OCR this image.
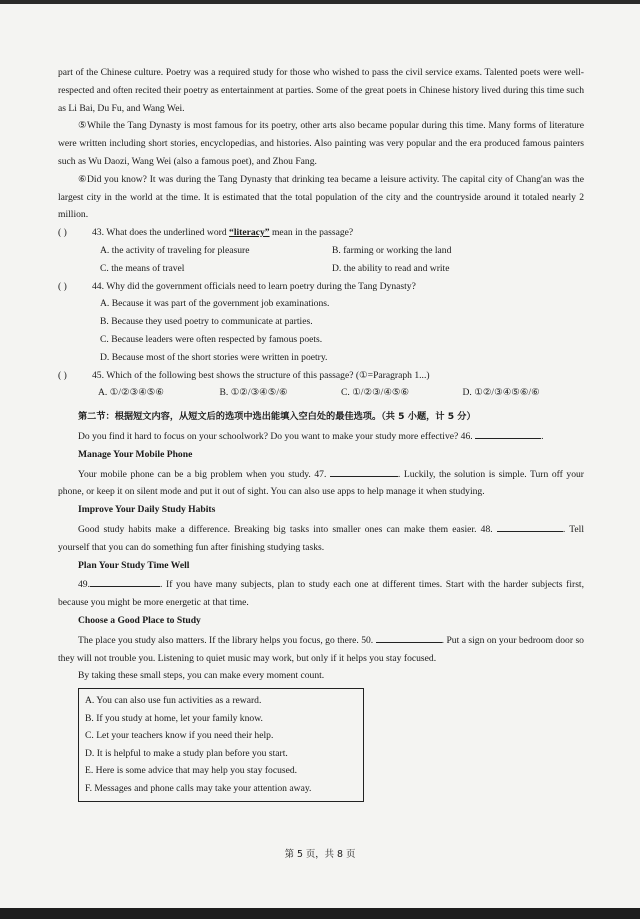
part of the Chinese culture. Poetry was a required study for those who wished to pass the civil service exams. Talented poets were well-respected and often recited their poetry as entertainment at parties. Some of the great poets in Chinese history lived during this time such as Li Bai, Du Fu, and Wang Wei.

⑤While the Tang Dynasty is most famous for its poetry, other arts also became popular during this time. Many forms of literature were written including short stories, encyclopedias, and histories. Also painting was very popular and the era produced famous painters such as Wu Daozi, Wang Wei (also a famous poet), and Zhou Fang.

⑥Did you know? It was during the Tang Dynasty that drinking tea became a leisure activity. The capital city of Chang'an was the largest city in the world at the time. It is estimated that the total population of the city and the countryside around it totaled nearly 2 million.

( )	43. What does the underlined word “literacy” mean in the passage?
A. the activity of traveling for pleasure	B. farming or working the land
C. the means of travel	D. the ability to read and write
( )	44. Why did the government officials need to learn poetry during the Tang Dynasty?
A. Because it was part of the government job examinations.
B. Because they used poetry to communicate at parties.
C. Because leaders were often respected by famous poets.
D. Because most of the short stories were written in poetry.
( )	45. Which of the following best shows the structure of this passage? (①=Paragraph 1...)
A. ①/②③④⑤⑥	B. ①②/③④⑤/⑥	C. ①/②③/④⑤⑥	D. ①②/③④⑤⑥/⑥
第二节：根据短文内容，从短文后的选项中选出能填入空白处的最佳选项。（共 5 小题，计 5 分）

Do you find it hard to focus on your schoolwork? Do you want to make your study more effective? 46.	.

Manage Your Mobile Phone

Your mobile phone can be a big problem when you study. 47.	. Luckily, the solution is simple. Turn off your phone, or keep it on silent mode and put it out of sight. You can also use apps to help manage it when studying.

Improve Your Daily Study Habits

Good study habits make a difference. Breaking big tasks into smaller ones can make them easier. 48.	. Tell yourself that you can do something fun after finishing studying tasks.

Plan Your Study Time Well

49.	. If you have many subjects, plan to study each one at different times. Start with the harder subjects first, because you might be more energetic at that time.

Choose a Good Place to Study

The place you study also matters. If the library helps you focus, go there. 50.	. Put a sign on your bedroom door so they will not trouble you. Listening to quiet music may work, but only if it helps you stay focused.

By taking these small steps, you can make every moment count.

A. You can also use fun activities as a reward.
B. If you study at home, let your family know.
C. Let your teachers know if you need their help.
D. It is helpful to make a study plan before you start.
E. Here is some advice that may help you stay focused.
F. Messages and phone calls may take your attention away.
第 5 页，共 8 页
